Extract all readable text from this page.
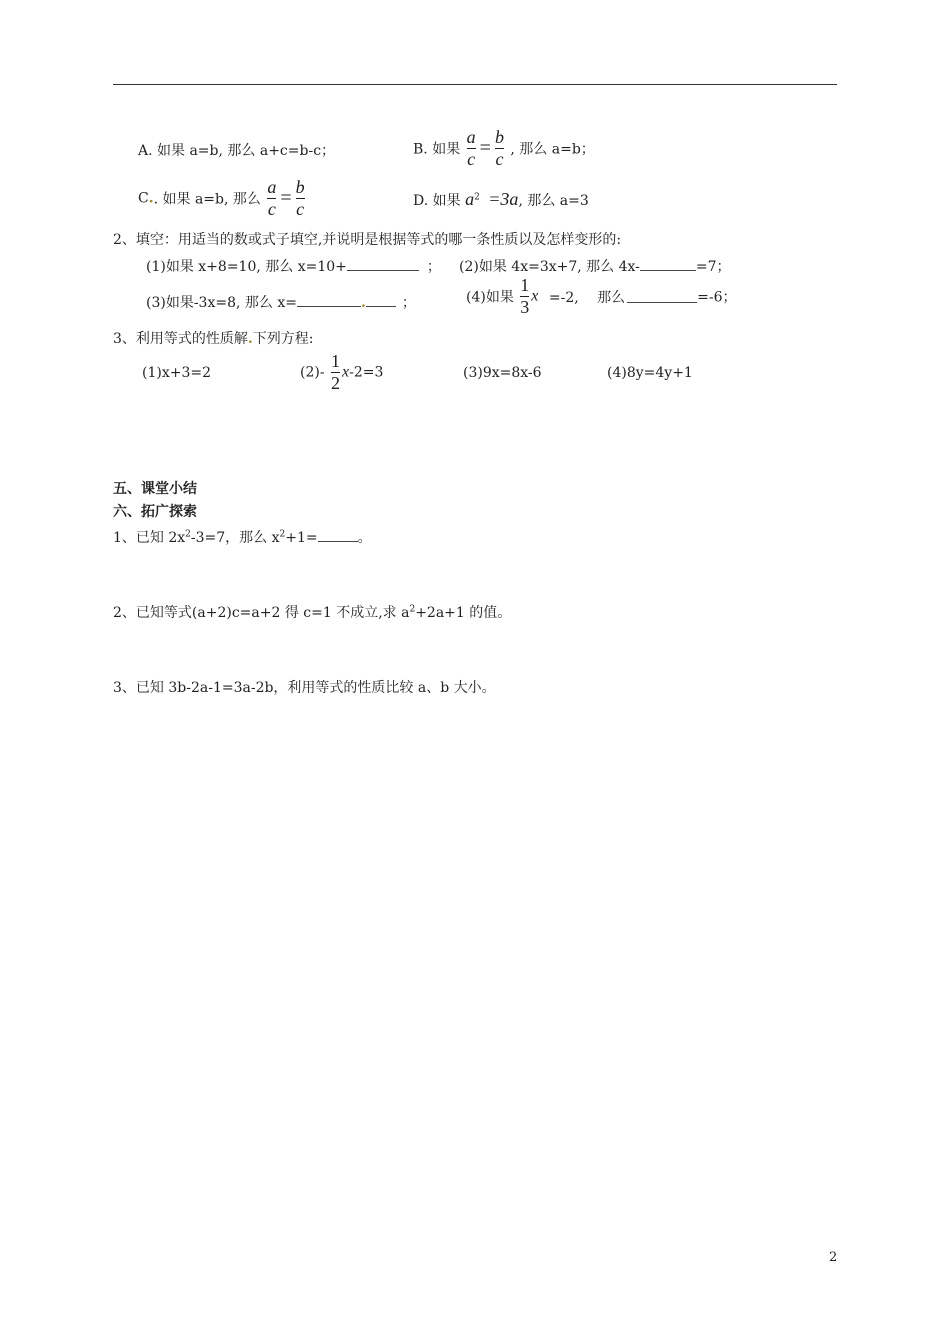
A. 如果 a=b, 那么 a+c=b-c；	B. 如果 $\frac{a}{c} = \frac{b}{c}$ , 那么 a=b；
C.. 如果 a=b, 那么 $\frac{a}{c} = \frac{b}{c}$	D. 如果 $a^2 =3a$, 那么 a=3
2、填空：用适当的数或式子填空,并说明是根据等式的哪一条性质以及怎样变形的:
(1)如果 x+8=10, 那么 x=10+	； (2)如果 4x=3x+7, 那么 4x-	=7；
(3)如果-3x=8, 那么 x=	.	；	(4)如果 $\frac{1}{3}$ x =-2,　 那么	=-6；
3、利用等式的性质解.下列方程:
(1)x+3=2	$(2)- \frac{1}{2} x-2=3$	(3)9x=8x-6	(4)8y=4y+1
五、课堂小结
六、拓广探索
1、已知 $2x^2-3=7$，那么 $x^2+1=$	。
2、已知等式(a+2)c=a+2 得 c=1 不成立,求 $a^2+2a+1$ 的值。
3、已知 3b-2a-1=3a-2b，利用等式的性质比较 a、b 大小。
2
